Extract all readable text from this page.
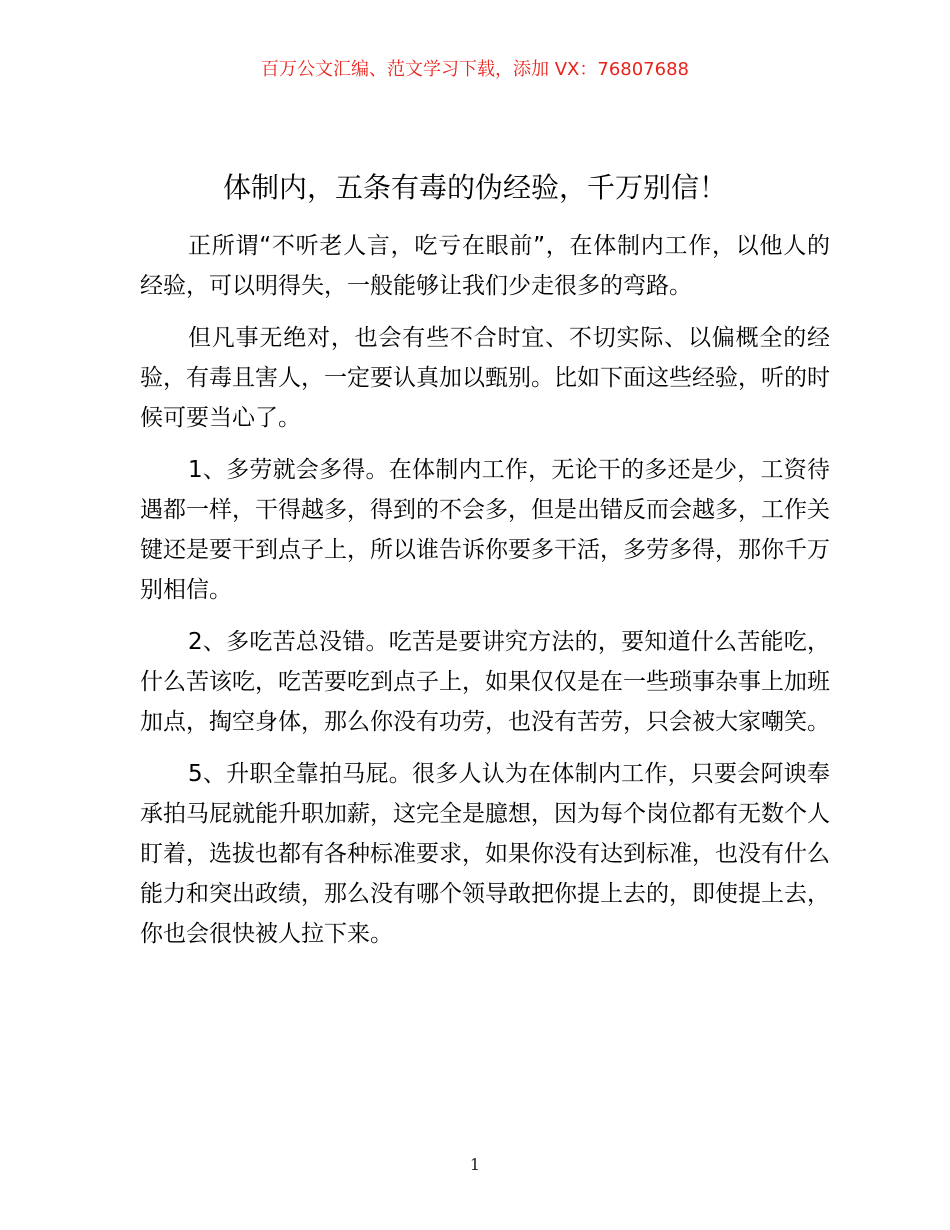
百万公文汇编、范文学习下载，添加 VX：76807688
体制内，五条有毒的伪经验，千万别信！

正所谓“不听老人言，吃亏在眼前”，在体制内工作，以他人的经验，可以明得失，一般能够让我们少走很多的弯路。

但凡事无绝对，也会有些不合时宜、不切实际、以偏概全的经验，有毒且害人，一定要认真加以甄别。比如下面这些经验，听的时候可要当心了。

1、多劳就会多得。在体制内工作，无论干的多还是少，工资待遇都一样，干得越多，得到的不会多，但是出错反而会越多，工作关键还是要干到点子上，所以谁告诉你要多干活，多劳多得，那你千万别相信。

2、多吃苦总没错。吃苦是要讲究方法的，要知道什么苦能吃，什么苦该吃，吃苦要吃到点子上，如果仅仅是在一些琐事杂事上加班加点，掏空身体，那么你没有功劳，也没有苦劳，只会被大家嘲笑。

5、升职全靠拍马屁。很多人认为在体制内工作，只要会阿谀奉承拍马屁就能升职加薪，这完全是臆想，因为每个岗位都有无数个人盯着，选拔也都有各种标准要求，如果你没有达到标准，也没有什么能力和突出政绩，那么没有哪个领导敢把你提上去的，即使提上去，你也会很快被人拉下来。

1
